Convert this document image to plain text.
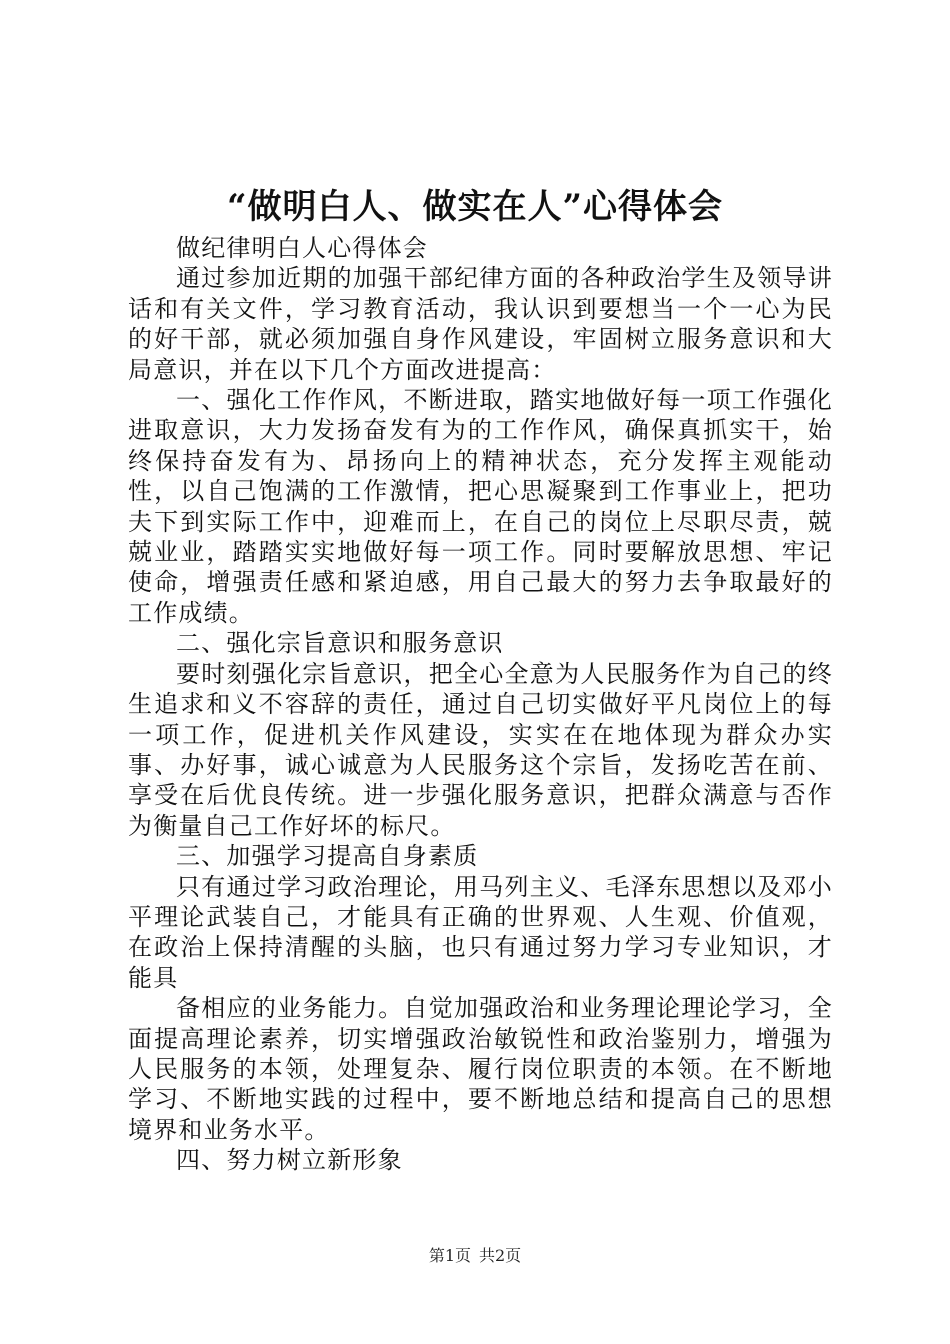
“做明白人、做实在人”心得体会

做纪律明白人心得体会

通过参加近期的加强干部纪律方面的各种政治学生及领导讲话和有关文件，学习教育活动，我认识到要想当一个一心为民的好干部，就必须加强自身作风建设，牢固树立服务意识和大局意识，并在以下几个方面改进提高：

一、强化工作作风，不断进取，踏实地做好每一项工作强化进取意识，大力发扬奋发有为的工作作风，确保真抓实干，始终保持奋发有为、昂扬向上的精神状态，充分发挥主观能动性，以自己饱满的工作激情，把心思凝聚到工作事业上，把功夫下到实际工作中，迎难而上，在自己的岗位上尽职尽责，兢兢业业，踏踏实实地做好每一项工作。同时要解放思想、牢记使命，增强责任感和紧迫感，用自己最大的努力去争取最好的工作成绩。

二、强化宗旨意识和服务意识

要时刻强化宗旨意识，把全心全意为人民服务作为自己的终生追求和义不容辞的责任，通过自己切实做好平凡岗位上的每一项工作，促进机关作风建设，实实在在地体现为群众办实事、办好事，诚心诚意为人民服务这个宗旨，发扬吃苦在前、享受在后优良传统。进一步强化服务意识，把群众满意与否作为衡量自己工作好坏的标尺。

三、加强学习提高自身素质

只有通过学习政治理论，用马列主义、毛泽东思想以及邓小平理论武装自己，才能具有正确的世界观、人生观、价值观，在政治上保持清醒的头脑，也只有通过努力学习专业知识，才能具

备相应的业务能力。自觉加强政治和业务理论理论学习，全面提高理论素养，切实增强政治敏锐性和政治鉴别力，增强为人民服务的本领，处理复杂、履行岗位职责的本领。在不断地学习、不断地实践的过程中，要不断地总结和提高自己的思想境界和业务水平。

四、努力树立新形象

第1页 共2页
